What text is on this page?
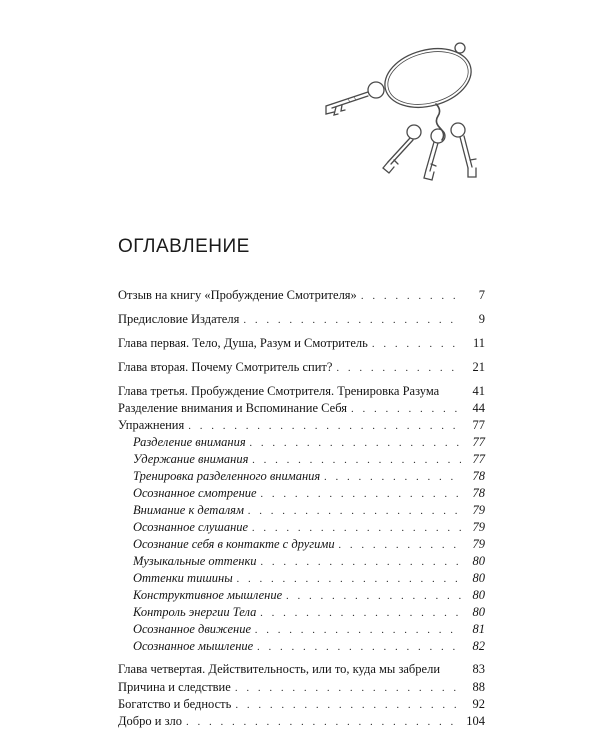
ОГЛАВЛЕНИЕ
Отзыв на книгу «Пробуждение Смотрителя» . . .	7
Предисловие Издателя . . .	9
Глава первая. Тело, Душа, Разум и Смотритель . . .	11
Глава вторая. Почему Смотритель спит? . . .	21
Глава третья. Пробуждение Смотрителя. Тренировка Разума	41
Разделение внимания и Вспоминание Себя . . .	44
Упражнения . . .	77
Разделение внимания . . .	77
Удержание внимания . . .	77
Тренировка разделенного внимания . . .	78
Осознанное смотрение . . .	78
Внимание к деталям . . .	79
Осознанное слушание . . .	79
Осознание себя в контакте с другими . . .	79
Музыкальные оттенки . . .	80
Оттенки тишины . . .	80
Конструктивное мышление . . .	80
Контроль энергии Тела . . .	80
Осознанное движение . . .	81
Осознанное мышление . . .	82
Глава четвертая. Действительность, или то, куда мы забрели	83
Причина и следствие . . .	88
Богатство и бедность . . .	92
Добро и зло . . .	104
